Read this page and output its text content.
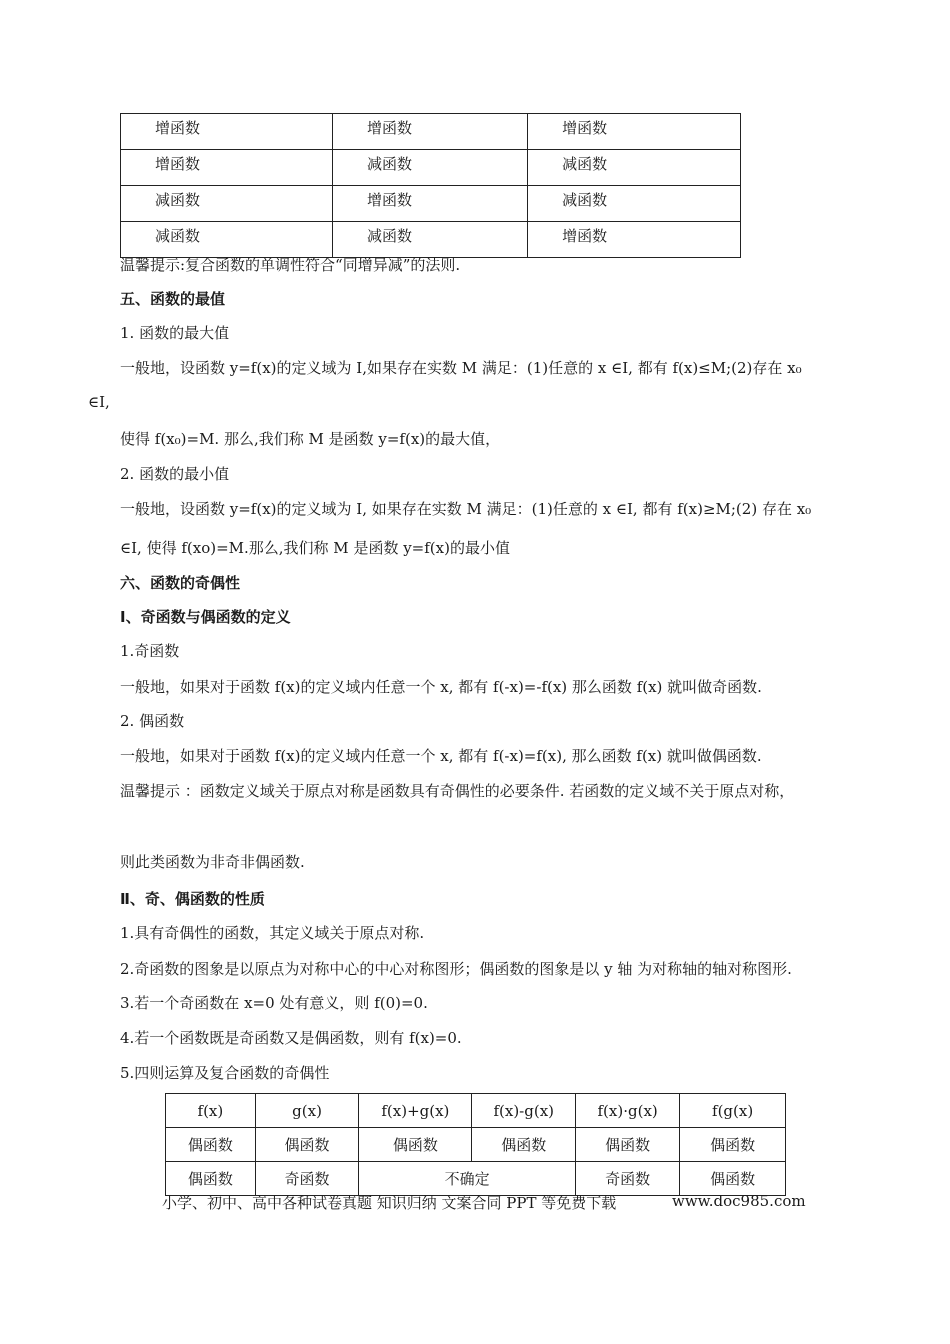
增函数	增函数	增函数
增函数	减函数	减函数
减函数	增函数	减函数
减函数	减函数	增函数
温馨提示:复合函数的单调性符合“同增异减”的法则.
五、函数的最值
1. 函数的最大值
一般地，设函数 y=f(x)的定义域为 I,如果存在实数 M 满足：(1)任意的 x ∈I, 都有 f(x)≤M;(2)存在 x₀
∈I,
使得 f(x₀)=M. 那么,我们称 M 是函数 y=f(x)的最大值，
2. 函数的最小值
一般地，设函数 y=f(x)的定义域为 I, 如果存在实数 M 满足：(1)任意的 x ∈I, 都有 f(x)≥M;(2) 存在 x₀
∈I, 使得 f(xo)=M.那么,我们称 M 是函数 y=f(x)的最小值
六、函数的奇偶性
Ⅰ、奇函数与偶函数的定义
1.奇函数
一般地，如果对于函数 f(x)的定义域内任意一个 x, 都有 f(-x)=-f(x) 那么函数 f(x) 就叫做奇函数.
2. 偶函数
一般地，如果对于函数 f(x)的定义域内任意一个 x, 都有 f(-x)=f(x), 那么函数 f(x) 就叫做偶函数.
温馨提示 ：函数定义域关于原点对称是函数具有奇偶性的必要条件. 若函数的定义域不关于原点对称，
则此类函数为非奇非偶函数.
Ⅱ、奇、偶函数的性质
1.具有奇偶性的函数，其定义域关于原点对称.
2.奇函数的图象是以原点为对称中心的中心对称图形；偶函数的图象是以 y 轴 为对称轴的轴对称图形.
3.若一个奇函数在 x=0 处有意义，则 f(0)=0.
4.若一个函数既是奇函数又是偶函数，则有 f(x)=0.
5.四则运算及复合函数的奇偶性
f(x)	g(x)	f(x)+g(x)	f(x)-g(x)	f(x)·g(x)	f(g(x)
偶函数	偶函数	偶函数	偶函数	偶函数	偶函数
偶函数	奇函数	不确定		奇函数	偶函数
小学、初中、高中各种试卷真题 知识归纳 文案合同 PPT 等免费下载	www.doc985.com
